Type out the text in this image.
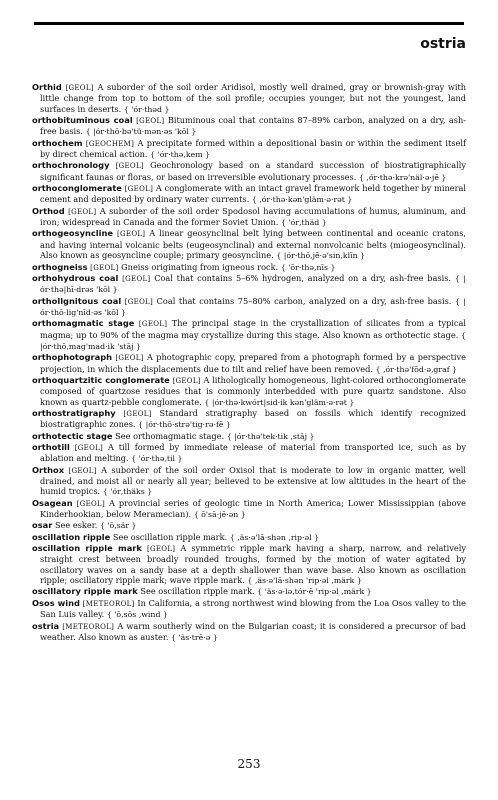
ostria

Orthid [GEOL] A suborder of the soil order Aridisol, mostly well drained, gray or brownish-gray with little change from top to bottom of the soil profile; occupies younger, but not the youngest, land surfaces in deserts. { 'ór·thəd }

orthobituminous coal [GEOL] Bituminous coal that contains 87–89% carbon, analyzed on a dry, ash-free basis. { |ór·thō·bə'tü·mən·əs 'kōl }

orthochem [GEOCHEM] A precipitate formed within a depositional basin or within the sediment itself by direct chemical action. { 'ór·thə‚kem }

orthochronology [GEOL] Geochronology based on a standard succession of biostratigraphically significant faunas or floras, or based on irreversible evolutionary processes. { ‚ór·thə·krə'näl·ə·jē }

orthoconglomerate [GEOL] A conglomerate with an intact gravel framework held together by mineral cement and deposited by ordinary water currents. { ‚ór·thə·kən'gläm·ə·rət }

Orthod [GEOL] A suborder of the soil order Spodosol having accumulations of humus, aluminum, and iron; widespread in Canada and the former Soviet Union. { 'ór‚thäd }

orthogeosyncline [GEOL] A linear geosynclinal belt lying between continental and oceanic cratons, and having internal volcanic belts (eugeosynclinal) and external nonvolcanic belts (miogeosynclinal). Also known as geosyncline couple; primary geosyncline. { |ór·thō‚jē·ə'sin‚klīn }

orthogneiss [GEOL] Gneiss originating from igneous rock. { 'ōr·thə‚nīs }

orthohydrous coal [GEOL] Coal that contains 5–6% hydrogen, analyzed on a dry, ash-free basis. { |ór·thə|hī·drəs 'kōl }

orthollgnitous coal [GEOL] Coal that contains 75–80% carbon, analyzed on a dry, ash-free basis. { |ór·thō·lig'nīd·əs 'kōl }

orthomagmatic stage [GEOL] The principal stage in the crystallization of silicates from a typical magma; up to 90% of the magma may crystallize during this stage. Also known as orthotectic stage. { |ór·thō‚mag'mad·ik 'stāj }

orthophotograph [GEOL] A photographic copy, prepared from a photograph formed by a perspective projection, in which the displacements due to tilt and relief have been removed. { ‚ór·thə'fōd·ə‚graf }

orthoquartzitic conglomerate [GEOL] A lithologically homogeneous, light-colored orthoconglomerate composed of quartzose residues that is commonly interbedded with pure quartz sandstone. Also known as quartz-pebble conglomerate. { |ór·thə·kwórt|sid·ik kən'gläm·ə·rət }

orthostratigraphy [GEOL] Standard stratigraphy based on fossils which identify recognized biostratigraphic zones. { |ór·thō·strə'tig·rə·fē }

orthotectic stage See orthomagmatic stage. { |ór·thə'tek·tik ‚stāj }

orthotill [GEOL] A till formed by immediate release of material from transported ice, such as by ablation and melting. { 'ór·thə‚til }

Orthox [GEOL] A suborder of the soil order Oxisol that is moderate to low in organic matter, well drained, and moist all or nearly all year; believed to be extensive at low altitudes in the heart of the humid tropics. { 'ór‚thäks }

Osagean [GEOL] A provincial series of geologic time in North America; Lower Mississippian (above Kinderhookian, below Meramecian). { ō'sā·jē·ən }

osar See esker. { 'ō‚sär }

oscillation ripple See oscillation ripple mark. { ‚äs·ə'lā·shən ‚rip·əl }

oscillation ripple mark [GEOL] A symmetric ripple mark having a sharp, narrow, and relatively straight crest between broadly rounded troughs, formed by the motion of water agitated by oscillatory waves on a sandy base at a depth shallower than wave base. Also known as oscillation ripple; oscillatory ripple mark; wave ripple mark. { ‚äs·ə'lā·shən 'rip·əl ‚märk }

oscillatory ripple mark See oscillation ripple mark. { 'äs·ə·lə‚tór·ē 'rip·əl ‚märk }

Osos wind [METEOROL] In California, a strong northwest wind blowing from the Loa Osos valley to the San Luis valley. { 'ō‚sōs ‚wind }

ostria [METEOROL] A warm southerly wind on the Bulgarian coast; it is considered a precursor of bad weather. Also known as auster. { 'äs·trē·ə }

253
